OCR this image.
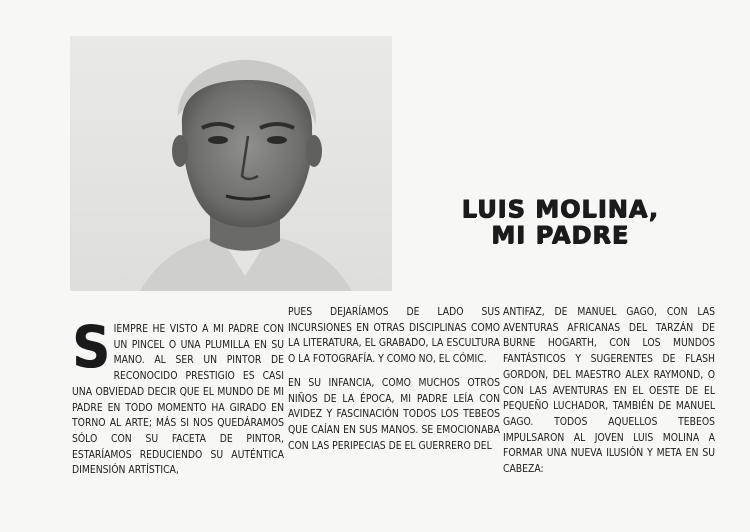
LUIS MOLINA,
MI PADRE

SIEMPRE HE VISTO A MI PADRE CON UN PINCEL O UNA PLUMILLA EN SU MANO. AL SER UN PINTOR DE RECONOCIDO PRESTIGIO ES CASI UNA OBVIEDAD DECIR QUE EL MUNDO DE MI PADRE EN TODO MOMENTO HA GIRADO EN TORNO AL ARTE; MÁS SI NOS QUEDÁRAMOS SÓLO CON SU FACETA DE PINTOR, ESTARÍAMOS REDUCIENDO SU AUTÉNTICA DIMENSIÓN ARTÍSTICA,

PUES DEJARÍAMOS DE LADO SUS INCURSIONES EN OTRAS DISCIPLINAS COMO LA LITERATURA, EL GRABADO, LA ESCULTURA O LA FOTOGRAFÍA. Y COMO NO, EL CÓMIC.

EN SU INFANCIA, COMO MUCHOS OTROS NIÑOS DE LA ÉPOCA, MI PADRE LEÍA CON AVIDEZ Y FASCINACIÓN TODOS LOS TEBEOS QUE CAÍAN EN SUS MANOS. SE EMOCIONABA CON LAS PERIPECIAS DE EL GUERRERO DEL

ANTIFAZ, DE MANUEL GAGO, CON LAS AVENTURAS AFRICANAS DEL TARZÁN DE BURNE HOGARTH, CON LOS MUNDOS FANTÁSTICOS Y SUGERENTES DE FLASH GORDON, DEL MAESTRO ALEX RAYMOND, O CON LAS AVENTURAS EN EL OESTE DE EL PEQUEÑO LUCHADOR, TAMBIÉN DE MANUEL GAGO. TODOS AQUELLOS TEBEOS IMPULSARON AL JOVEN LUIS MOLINA A FORMAR UNA NUEVA ILUSIÓN Y META EN SU CABEZA:
